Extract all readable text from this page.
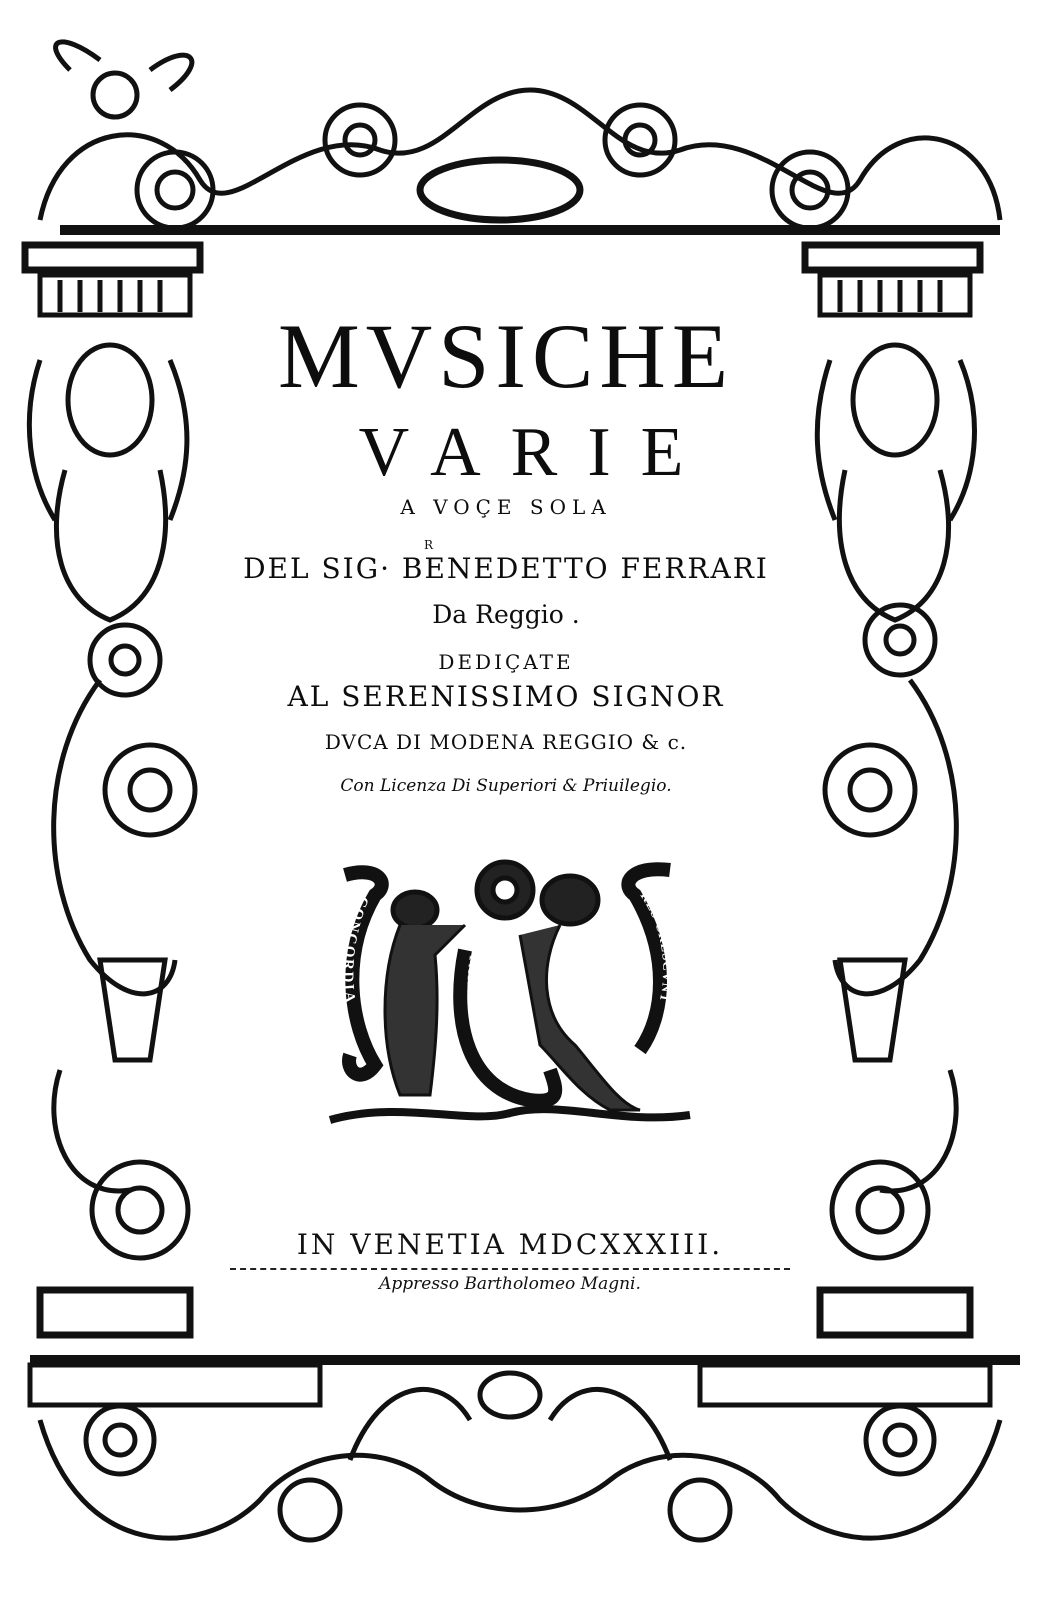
MVSICHE
VARIE
A VOÇE SOLA
R
DEL SIG· BENEDETTO FERRARI
Da Reggio .
DEDIÇATE
AL SERENISSIMO SIGNOR
DVCA DI MODENA REGGIO & c.
Con Licenza Di Superiori & Priuilegio.
CONCORDIA
PARVA
RES CRESCVNT
IN VENETIA MDCXXXIII.
Appresso Bartholomeo Magni.
